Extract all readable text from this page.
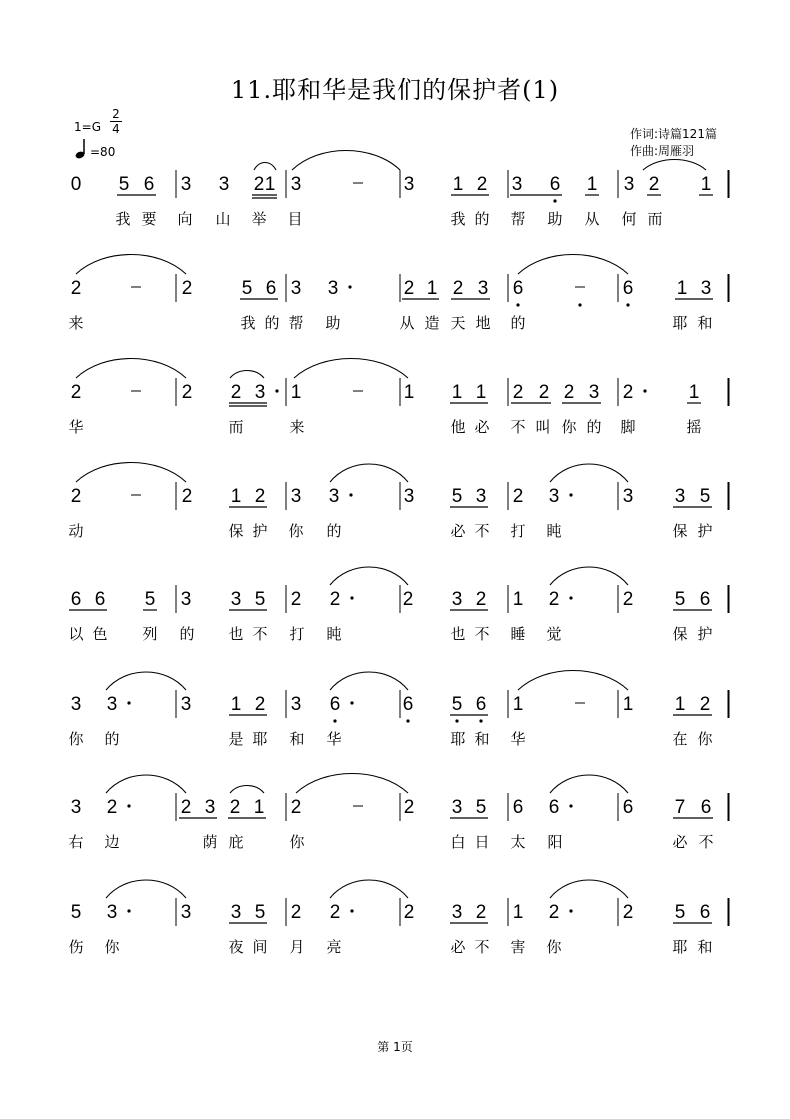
11.耶和华是我们的保护者(1)
1=G
2
4
=80
作词:诗篇121篇
作曲:周雁羽
0 5 6 3 3 2 1 3	3 1 2 3 6 1 3 2 1
我 要 向 山 举 目	我 的 帮 助 从 何 而
2	2	5 6 3 3	2 1 2 3 6	6 1 3
来	我 的 帮 助	从 造 天 地 的	耶 和
2	2 2 3 1	1 1 1 2 2 2 3 2	1
华	而	来	他 必 不 叫 你 的 脚	摇
2	2 1 2 3 3	3 5 3 2 3	3 3 5
动	保 护 你 的	必 不 打 盹	保 护
6 6 5 3 3 5 2 2	2 3 2 1 2	2 5 6
以 色 列 的 也 不 打 盹	也 不 睡 觉	保 护
3 3	3 1 2 3 6	6 5 6 1	1 1 2
你 的	是 耶 和 华	耶 和 华	在 你
3 2	2 3 2 1 2	2 3 5 6 6	6 7 6
右 边	荫 庇	你	白 日 太 阳	必 不
5 3	3 3 5 2 2	2 3 2 1 2	2 5 6
伤 你	夜 间 月 亮	必 不 害 你	耶 和
第 1页
